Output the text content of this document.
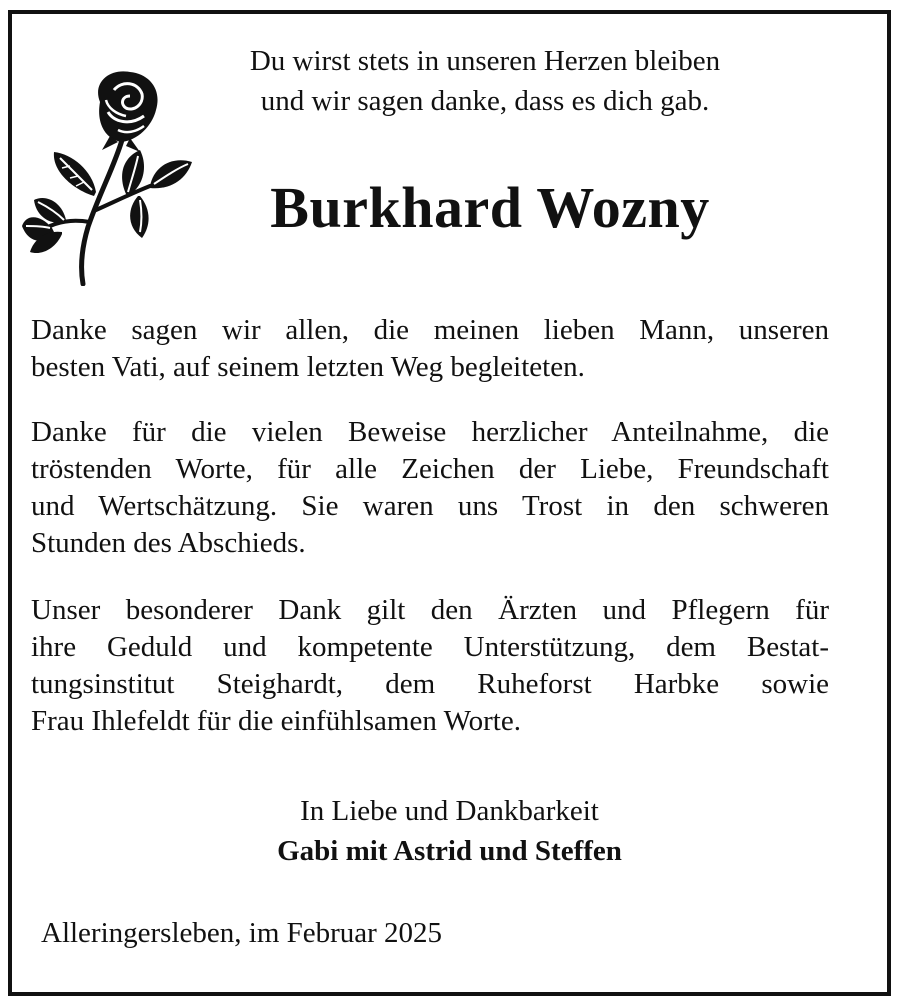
Du wirst stets in unseren Herzen bleiben
und wir sagen danke, dass es dich gab.
Burkhard Wozny
Danke sagen wir allen, die meinen lieben Mann, unseren
besten Vati, auf seinem letzten Weg begleiteten.
Danke für die vielen Beweise herzlicher Anteilnahme, die
tröstenden Worte, für alle Zeichen der Liebe, Freundschaft
und Wertschätzung. Sie waren uns Trost in den schweren
Stunden des Abschieds.
Unser besonderer Dank gilt den Ärzten und Pflegern für
ihre Geduld und kompetente Unterstützung, dem Bestat-
tungsinstitut Steighardt, dem Ruheforst Harbke sowie
Frau Ihlefeldt für die einfühlsamen Worte.
In Liebe und Dankbarkeit
Gabi mit Astrid und Steffen
Alleringersleben, im Februar 2025
